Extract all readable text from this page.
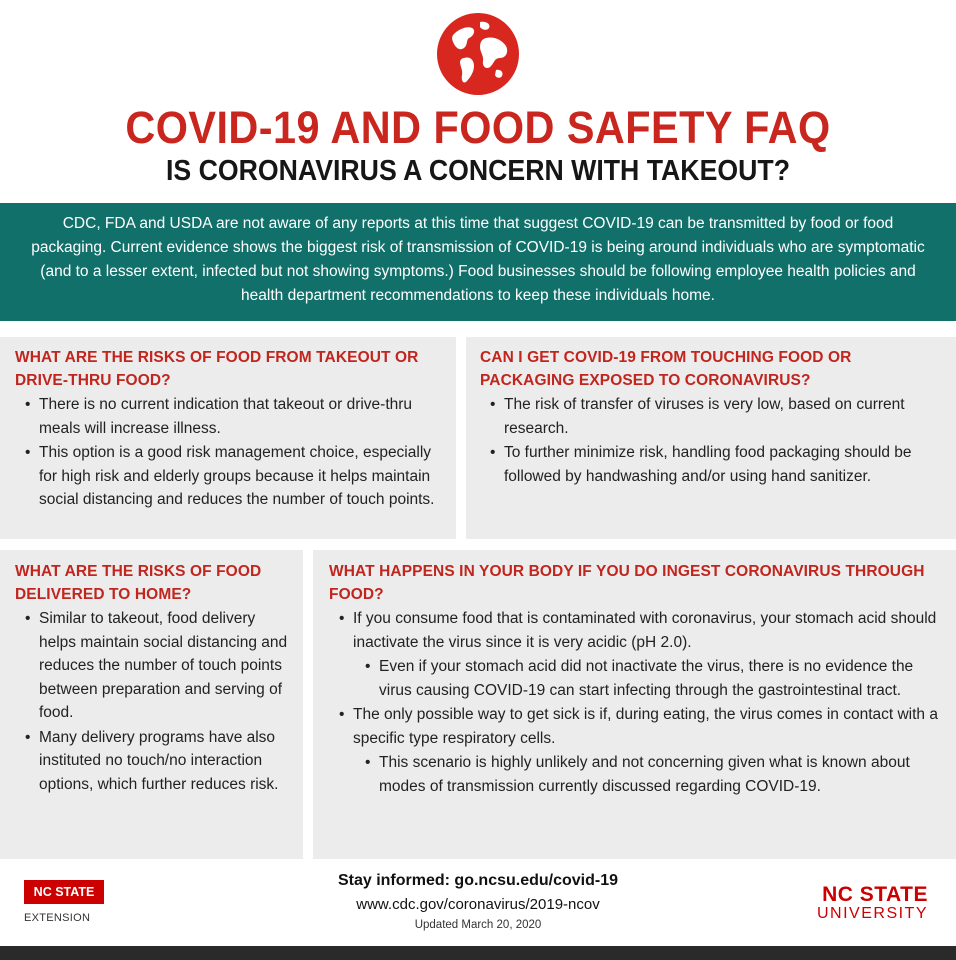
COVID-19 AND FOOD SAFETY FAQ
IS CORONAVIRUS A CONCERN WITH TAKEOUT?

CDC, FDA and USDA are not aware of any reports at this time that suggest COVID-19 can be transmitted by food or food packaging. Current evidence shows the biggest risk of transmission of COVID-19 is being around individuals who are symptomatic (and to a lesser extent, infected but not showing symptoms.) Food businesses should be following employee health policies and health department recommendations to keep these individuals home.

WHAT ARE THE RISKS OF FOOD FROM TAKEOUT OR DRIVE-THRU FOOD?
• There is no current indication that takeout or drive-thru meals will increase illness.
• This option is a good risk management choice, especially for high risk and elderly groups because it helps maintain social distancing and reduces the number of touch points.
CAN I GET COVID-19 FROM TOUCHING FOOD OR PACKAGING EXPOSED TO CORONAVIRUS?
• The risk of transfer of viruses is very low, based on current research.
• To further minimize risk, handling food packaging should be followed by handwashing and/or using hand sanitizer.
WHAT ARE THE RISKS OF FOOD DELIVERED TO HOME?
• Similar to takeout, food delivery helps maintain social distancing and reduces the number of touch points between preparation and serving of food.
• Many delivery programs have also instituted no touch/no interaction options, which further reduces risk.
WHAT HAPPENS IN YOUR BODY IF YOU DO INGEST CORONAVIRUS THROUGH FOOD?
• If you consume food that is contaminated with coronavirus, your stomach acid should inactivate the virus since it is very acidic (pH 2.0).
• Even if your stomach acid did not inactivate the virus, there is no evidence the virus causing COVID-19 can start infecting through the gastrointestinal tract.
• The only possible way to get sick is if, during eating, the virus comes in contact with a specific type respiratory cells.
• This scenario is highly unlikely and not concerning given what is known about modes of transmission currently discussed regarding COVID-19.
NC STATE
EXTENSION
Stay informed: go.ncsu.edu/covid-19
www.cdc.gov/coronavirus/2019-ncov
Updated March 20, 2020
NC STATE
UNIVERSITY
